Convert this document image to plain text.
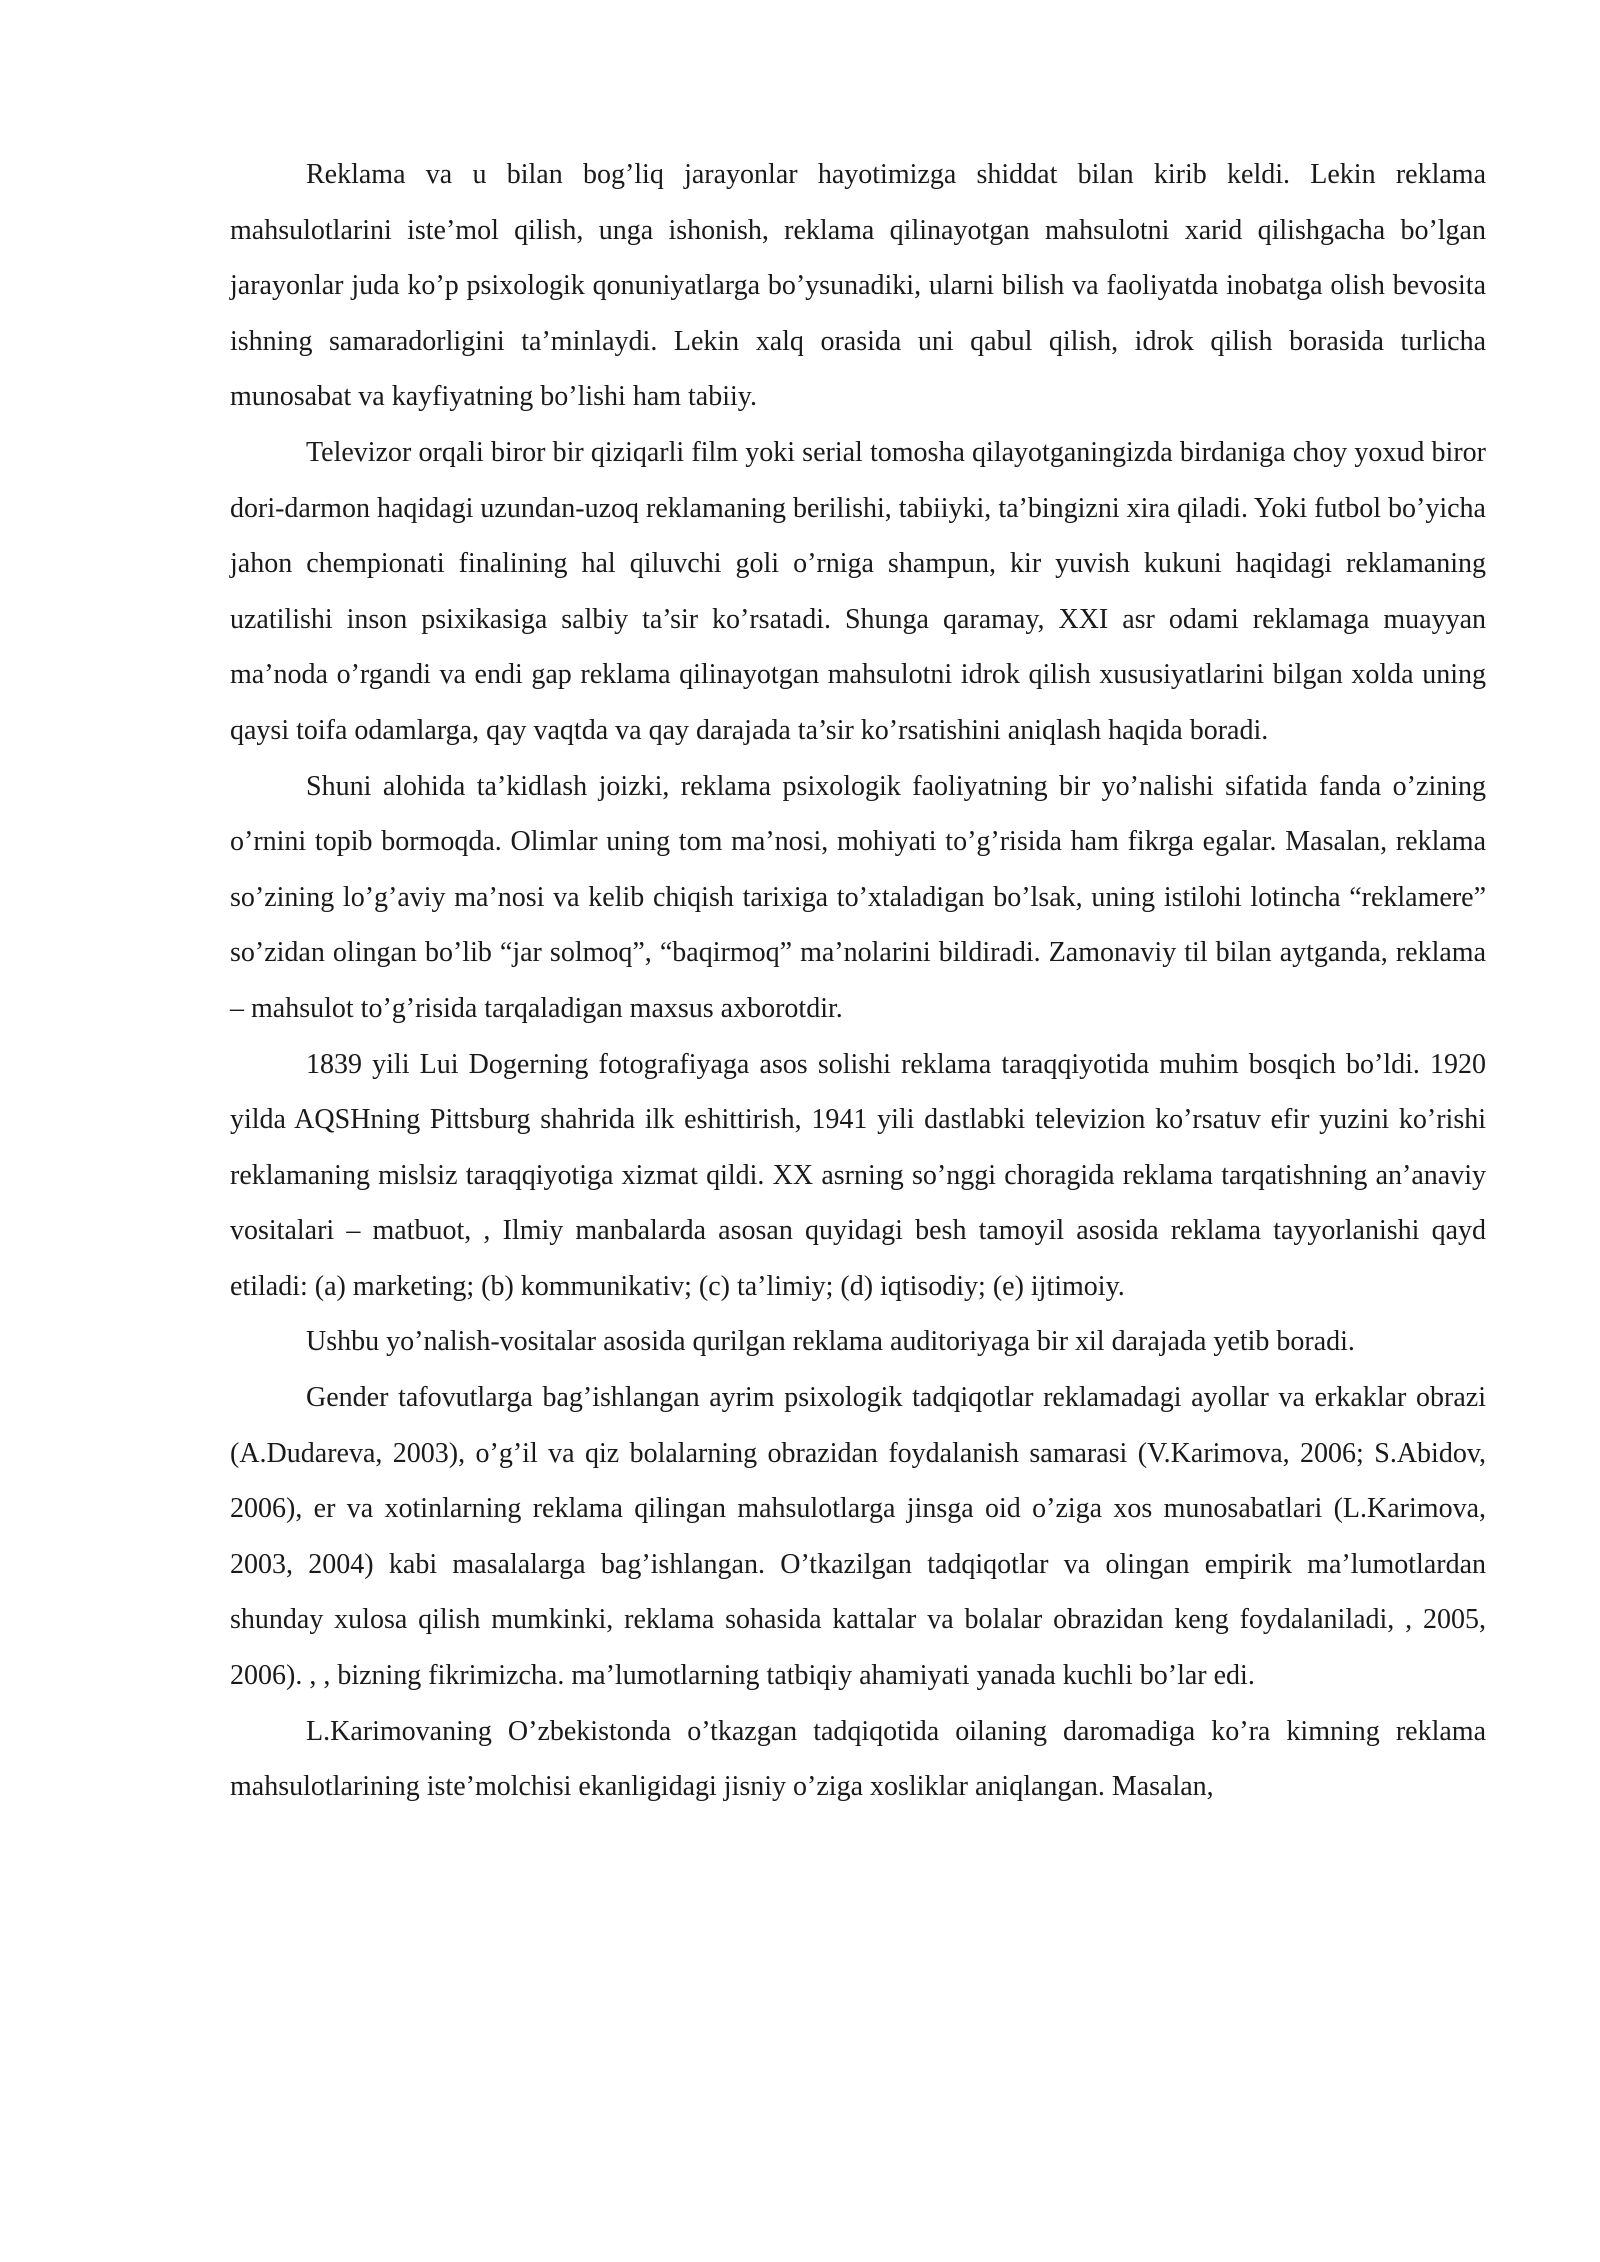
Reklama va u bilan bog’liq jarayonlar hayotimizga shiddat bilan kirib keldi. Lekin reklama mahsulotlarini iste’mol qilish, unga ishonish, reklama qilinayotgan mahsulotni xarid qilishgacha bo’lgan jarayonlar juda ko’p psixologik qonuniyatlarga bo’ysunadiki, ularni bilish va faoliyatda inobatga olish bevosita ishning samaradorligini ta’minlaydi. Lekin xalq orasida uni qabul qilish, idrok qilish borasida turlicha munosabat va kayfiyatning bo’lishi ham tabiiy.

Televizor orqali biror bir qiziqarli film yoki serial tomosha qilayotganingizda birdaniga choy yoxud biror dori-darmon haqidagi uzundan-uzoq reklamaning berilishi, tabiiyki, ta’bingizni xira qiladi. Yoki futbol bo’yicha jahon chempionati finalining hal qiluvchi goli o’rniga shampun, kir yuvish kukuni haqidagi reklamaning uzatilishi inson psixikasiga salbiy ta’sir ko’rsatadi. Shunga qaramay, XXI asr odami reklamaga muayyan ma’noda o’rgandi va endi gap reklama qilinayotgan mahsulotni idrok qilish xususiyatlarini bilgan xolda uning qaysi toifa odamlarga, qay vaqtda va qay darajada ta’sir ko’rsatishini aniqlash haqida boradi.

Shuni alohida ta’kidlash joizki, reklama psixologik faoliyatning bir yo’nalishi sifatida fanda o’zining o’rnini topib bormoqda. Olimlar uning tom ma’nosi, mohiyati to’g’risida ham fikrga egalar. Masalan, reklama so’zining lo’g’aviy ma’nosi va kelib chiqish tarixiga to’xtaladigan bo’lsak, uning istilohi lotincha “reklamere” so’zidan olingan bo’lib “jar solmoq”, “baqirmoq” ma’nolarini bildiradi. Zamonaviy til bilan aytganda, reklama – mahsulot to’g’risida tarqaladigan maxsus axborotdir.

1839 yili Lui Dogerning fotografiyaga asos solishi reklama taraqqiyotida muhim bosqich bo’ldi. 1920 yilda AQSHning Pittsburg shahrida ilk eshittirish, 1941 yili dastlabki televizion ko’rsatuv efir yuzini ko’rishi reklamaning mislsiz taraqqiyotiga xizmat qildi. XX asrning so’nggi choragida reklama tarqatishning an’anaviy vositalari – matbuot, , Ilmiy manbalarda asosan quyidagi besh tamoyil asosida reklama tayyorlanishi qayd etiladi: (a) marketing; (b) kommunikativ; (c) ta’limiy; (d) iqtisodiy; (e) ijtimoiy.

Ushbu yo’nalish-vositalar asosida qurilgan reklama auditoriyaga bir xil darajada yetib boradi.

Gender tafovutlarga bag’ishlangan ayrim psixologik tadqiqotlar reklamadagi ayollar va erkaklar obrazi (A.Dudareva, 2003), o’g’il va qiz bolalarning obrazidan foydalanish samarasi (V.Karimova, 2006; S.Abidov, 2006), er va xotinlarning reklama qilingan mahsulotlarga jinsga oid o’ziga xos munosabatlari (L.Karimova, 2003, 2004) kabi masalalarga bag’ishlangan. O’tkazilgan tadqiqotlar va olingan empirik ma’lumotlardan shunday xulosa qilish mumkinki, reklama sohasida kattalar va bolalar obrazidan keng foydalaniladi, , 2005, 2006). , , bizning fikrimizcha. ma’lumotlarning tatbiqiy ahamiyati yanada kuchli bo’lar edi.

L.Karimovaning O’zbekistonda o’tkazgan tadqiqotida oilaning daromadiga ko’ra kimning reklama mahsulotlarining iste’molchisi ekanligidagi jisniy o’ziga xosliklar aniqlangan. Masalan,
